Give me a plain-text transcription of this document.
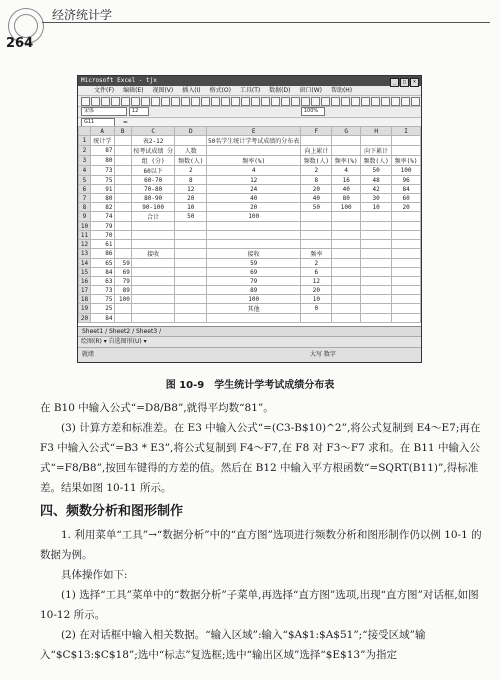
经济统计学
264
Microsoft Excel - tjx	_ □ ×
文件(F) 编辑(E) 视图(V) 插入(I) 格式(O) 工具(T) 数据(D) 窗口(W) 帮助(H)
宋体	12	100%
G11	=
	A	B	C	D	E	F	G	H	I
1	统计学		表2-12		50名学生统计学考试成绩的分布表				
2	87		按考试成绩 分	人数		向上累计		向下累计	
3	80		组 (分)	频数(人)	频率(%)	频数(人)	频率(%)	频数(人)	频率(%)
4	73		60以下	2	4	2	4	50	100
5	75		60-70	8	12	8	16	48	96
6	91		70-80	12	24	20	40	42	84
7	80		80-90	20	40	40	80	30	60
8	82		90-100	10	20	50	100	10	20
9	74		合计	50	100				
10	79								
11	70								
12	61								
13	86		接收		接收	频率			
14	65	59			59	2			
15	84	69			69	6			
16	63	79			79	12			
17	73	89			89	20			
18	75	100			100	10			
19	25				其他	0			
20	84								
Sheet1 / Sheet2 / Sheet3 /
绘图(R) ▾ 自选图形(U) ▾
就绪	大写 数字
图 10-9　学生统计学考试成绩分布表
在 B10 中输入公式“=D8/B8”,就得平均数“81”。
(3) 计算方差和标准差。在 E3 中输入公式“=(C3-B$10)^2”,将公式复制到 E4～E7;再在 F3 中输入公式“=B3 * E3”,将公式复制到 F4～F7,在 F8 对 F3～F7 求和。在 B11 中输入公式“=F8/B8”,按回车键得的方差的值。然后在 B12 中输入平方根函数“=SQRT(B11)”,得标准差。结果如图 10-11 所示。
四、频数分析和图形制作
1. 利用菜单“工具”→“数据分析”中的“直方图”选项进行频数分析和图形制作仍以例 10-1 的数据为例。
具体操作如下:
(1) 选择“工具”菜单中的“数据分析”子菜单,再选择“直方图”选项,出现“直方图”对话框,如图 10-12 所示。
(2) 在对话框中输入相关数据。“输入区域”:输入“$A$1:$A$51”;“接受区域”输入“$C$13:$C$18”;选中“标志”复选框;选中“输出区域”选择“$E$13”为指定
